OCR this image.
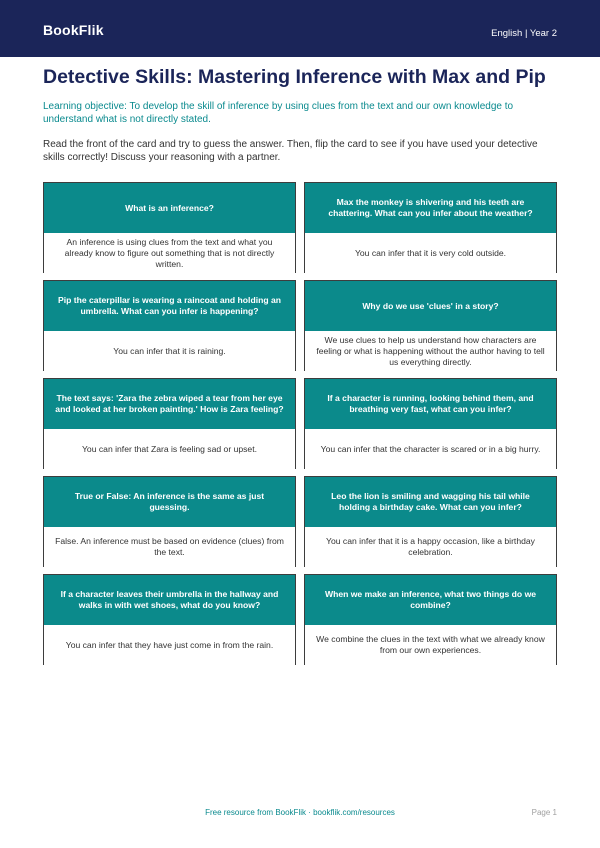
BookFlik	English | Year 2
Detective Skills: Mastering Inference with Max and Pip

Learning objective: To develop the skill of inference by using clues from the text and our own knowledge to understand what is not directly stated.

Read the front of the card and try to guess the answer. Then, flip the card to see if you have used your detective skills correctly! Discuss your reasoning with a partner.

What is an inference?
An inference is using clues from the text and what you already know to figure out something that is not directly written.
Max the monkey is shivering and his teeth are chattering. What can you infer about the weather?
You can infer that it is very cold outside.
Pip the caterpillar is wearing a raincoat and holding an umbrella. What can you infer is happening?
You can infer that it is raining.
Why do we use 'clues' in a story?
We use clues to help us understand how characters are feeling or what is happening without the author having to tell us everything directly.
The text says: 'Zara the zebra wiped a tear from her eye and looked at her broken painting.' How is Zara feeling?
You can infer that Zara is feeling sad or upset.
If a character is running, looking behind them, and breathing very fast, what can you infer?
You can infer that the character is scared or in a big hurry.
True or False: An inference is the same as just guessing.
False. An inference must be based on evidence (clues) from the text.
Leo the lion is smiling and wagging his tail while holding a birthday cake. What can you infer?
You can infer that it is a happy occasion, like a birthday celebration.
If a character leaves their umbrella in the hallway and walks in with wet shoes, what do you know?
You can infer that they have just come in from the rain.
When we make an inference, what two things do we combine?
We combine the clues in the text with what we already know from our own experiences.
Free resource from BookFlik · bookflik.com/resources	Page 1
